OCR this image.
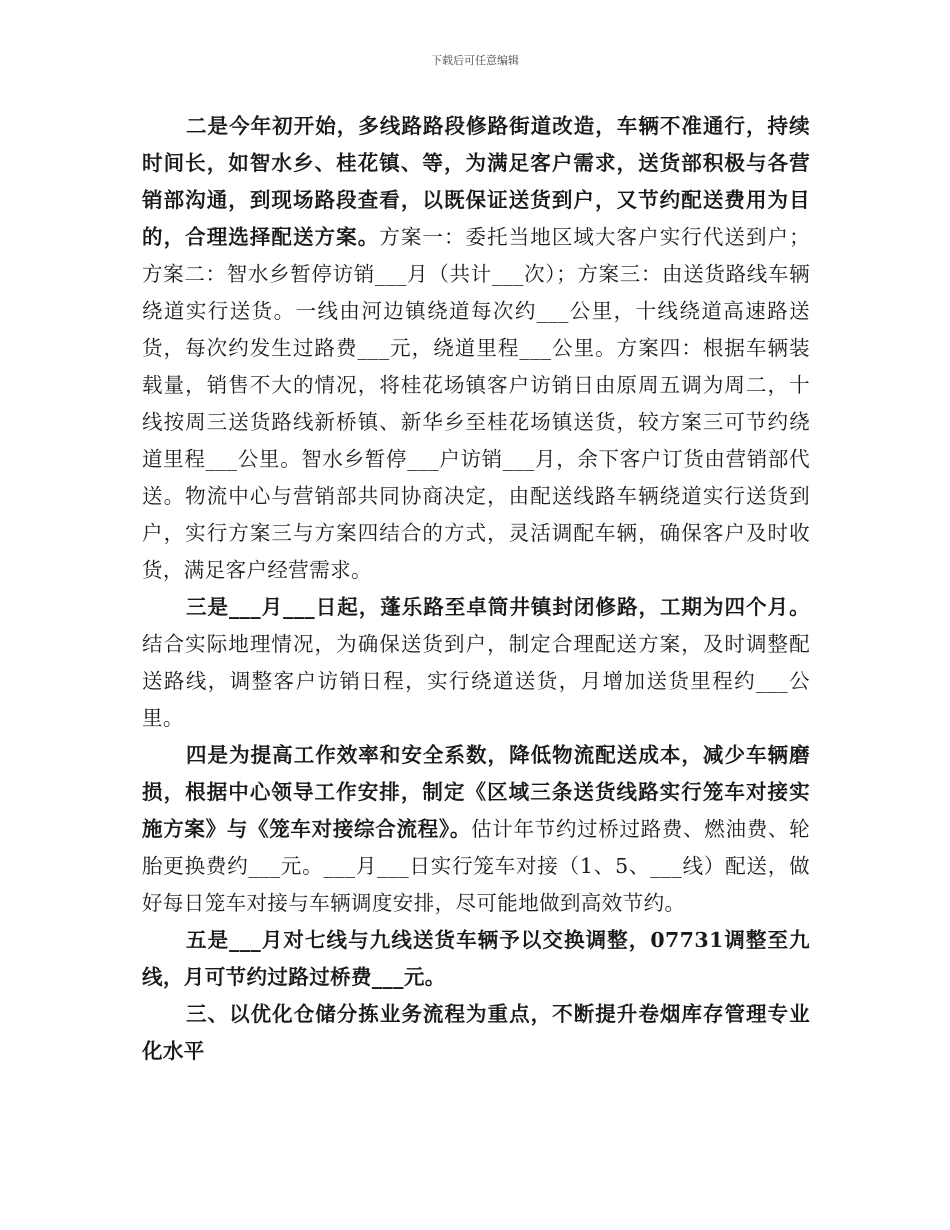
下载后可任意编辑

二是今年初开始，多线路路段修路街道改造，车辆不准通行，持续时间长，如智水乡、桂花镇、等，为满足客户需求，送货部积极与各营销部沟通，到现场路段查看，以既保证送货到户，又节约配送费用为目的，合理选择配送方案。方案一：委托当地区域大客户实行代送到户；方案二：智水乡暂停访销___月（共计___次）；方案三：由送货路线车辆绕道实行送货。一线由河边镇绕道每次约___公里，十线绕道高速路送货，每次约发生过路费___元，绕道里程___公里。方案四：根据车辆装载量，销售不大的情况，将桂花场镇客户访销日由原周五调为周二，十线按周三送货路线新桥镇、新华乡至桂花场镇送货，较方案三可节约绕道里程___公里。智水乡暂停___户访销___月，余下客户订货由营销部代送。物流中心与营销部共同协商决定，由配送线路车辆绕道实行送货到户，实行方案三与方案四结合的方式，灵活调配车辆，确保客户及时收货，满足客户经营需求。

三是___月___日起，蓬乐路至卓筒井镇封闭修路，工期为四个月。结合实际地理情况，为确保送货到户，制定合理配送方案，及时调整配送路线，调整客户访销日程，实行绕道送货，月增加送货里程约___公里。

四是为提高工作效率和安全系数，降低物流配送成本，减少车辆磨损，根据中心领导工作安排，制定《区域三条送货线路实行笼车对接实施方案》与《笼车对接综合流程》。估计年节约过桥过路费、燃油费、轮胎更换费约___元。___月___日实行笼车对接（1、5、___线）配送，做好每日笼车对接与车辆调度安排，尽可能地做到高效节约。

五是___月对七线与九线送货车辆予以交换调整，07731调整至九线，月可节约过路过桥费___元。

三、以优化仓储分拣业务流程为重点，不断提升卷烟库存管理专业化水平
